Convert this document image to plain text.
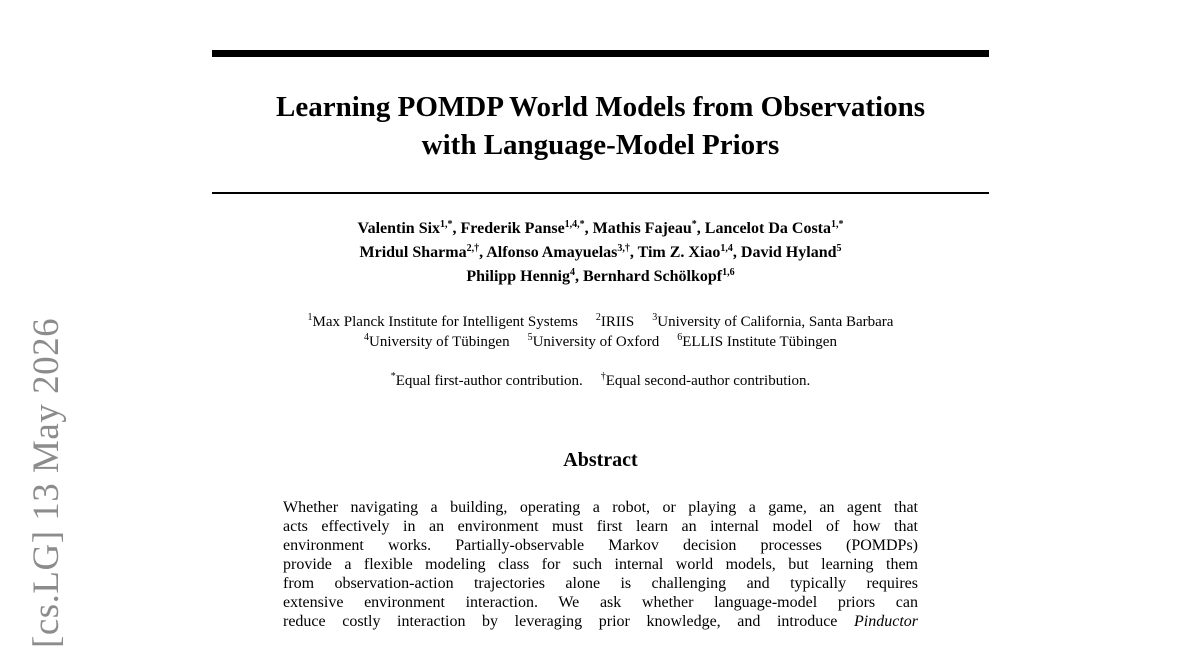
[cs.LG] 13 May 2026
Learning POMDP World Models from Observations
with Language-Model Priors
Valentin Six$^{1,*}$, Frederik Panse$^{1,4,*}$, Mathis Fajeau*, Lancelot Da Costa$^{1,*}$
Mridul Sharma$^{2,\dagger}$, Alfonso Amayuelas$^{3,\dagger}$, Tim Z. Xiao$^{1,4}$, David Hyland$^5$
Philipp Hennig$^4$, Bernhard Schölkopf$^{1,6}$
$^1$Max Planck Institute for Intelligent Systems $^2$IRIIS $^3$University of California, Santa Barbara
$^4$University of Tübingen $^5$University of Oxford $^6$ELLIS Institute Tübingen
*Equal first-author contribution. †Equal second-author contribution.
Abstract
Whether navigating a building, operating a robot, or playing a game, an agent that
acts effectively in an environment must first learn an internal model of how that
environment works. Partially-observable Markov decision processes (POMDPs)
provide a flexible modeling class for such internal world models, but learning them
from observation-action trajectories alone is challenging and typically requires
extensive environment interaction. We ask whether language-model priors can
reduce costly interaction by leveraging prior knowledge, and introduce Pinductor
